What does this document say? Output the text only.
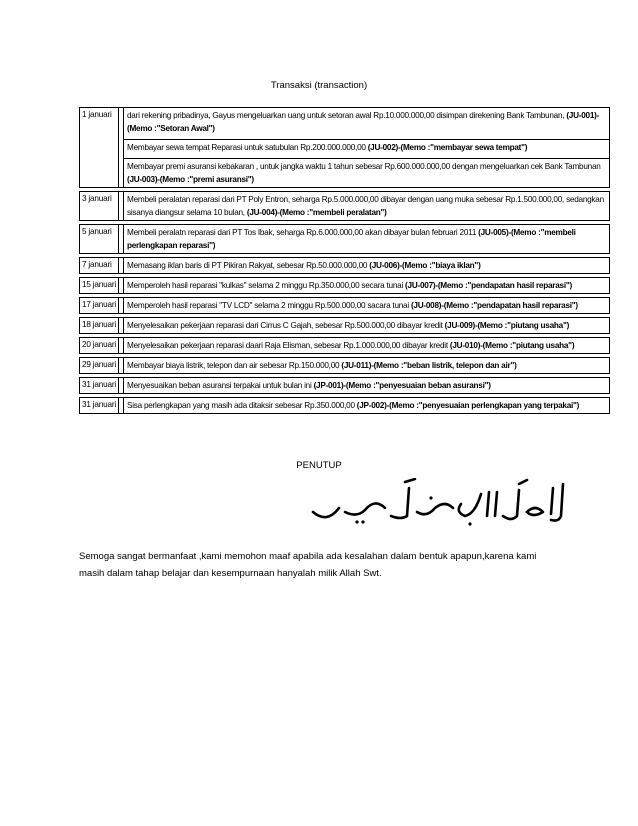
Transaksi (transaction)
1 januari	dari rekening pribadinya, Gayus mengeluarkan uang untuk setoran awal Rp.10.000.000,00 disimpan direkening Bank Tambunan, (JU-001)-(Memo :"Setoran Awal")
Membayar sewa tempat Reparasi untuk satubulan Rp.200.000.000,00 (JU-002)-(Memo :"membayar sewa tempat")
Membayar premi asuransi kebakaran , untuk jangka waktu 1 tahun sebesar Rp.600.000.000,00 dengan mengeluarkan cek Bank Tambunan (JU-003)-(Memo :"premi asuransi")
3 januari	Membeli peralatan reparasi dari PT Poly Entron, seharga Rp.5.000.000,00 dibayar dengan uang muka sebesar Rp.1.500.000,00, sedangkan sisanya diangsur selama 10 bulan, (JU-004)-(Memo :"membeli peralatan")
5 januari	Membeli peralatn reparasi dari PT Tos Ibak, seharga Rp.6.000.000,00 akan dibayar bulan februari 2011 (JU-005)-(Memo :"membeli perlengkapan reparasi")
7 januari	Memasang iklan baris di PT Pikiran Rakyat, sebesar Rp.50.000.000,00 (JU-006)-(Memo :"biaya iklan")
15 januari	Memperoleh hasil reparasi "kulkas" selama 2 minggu Rp.350.000,00 secara tunai (JU-007)-(Memo :"pendapatan hasil reparasi")
17 januari	Memperoleh hasil reparasi "TV LCD" selama 2 minggu Rp.500.000,00 sacara tunai (JU-008)-(Memo :"pendapatan hasil reparasi")
18 januari	Menyelesaikan pekerjaan reparasi dari Cirrus C Gajah, sebesar Rp.500.000,00 dibayar kredit (JU-009)-(Memo :"piutang usaha")
20 januari	Menyelesaikan pekerjaan reparasi daari Raja Elisman, sebesar Rp.1.000.000,00 dibayar kredit (JU-010)-(Memo :"piutang usaha")
29 januari	Membayar biaya listrik, telepon dan air sebesar Rp.150.000,00 (JU-011)-(Memo :"beban listrik, telepon dan air")
31 januari	Menyesuaikan beban asuransi terpakai untuk bulan ini (JP-001)-(Memo :"penyesuaian beban asuransi")
31 januari	Sisa perlengkapan yang masih ada ditaksir sebesar Rp.350.000,00 (JP-002)-(Memo :"penyesuaian perlengkapan yang terpakai")
PENUTUP
Semoga sangat bermanfaat ,kami memohon maaf apabila ada kesalahan dalam bentuk apapun,karena kami masih dalam tahap belajar dan kesempurnaan hanyalah milik Allah Swt.
